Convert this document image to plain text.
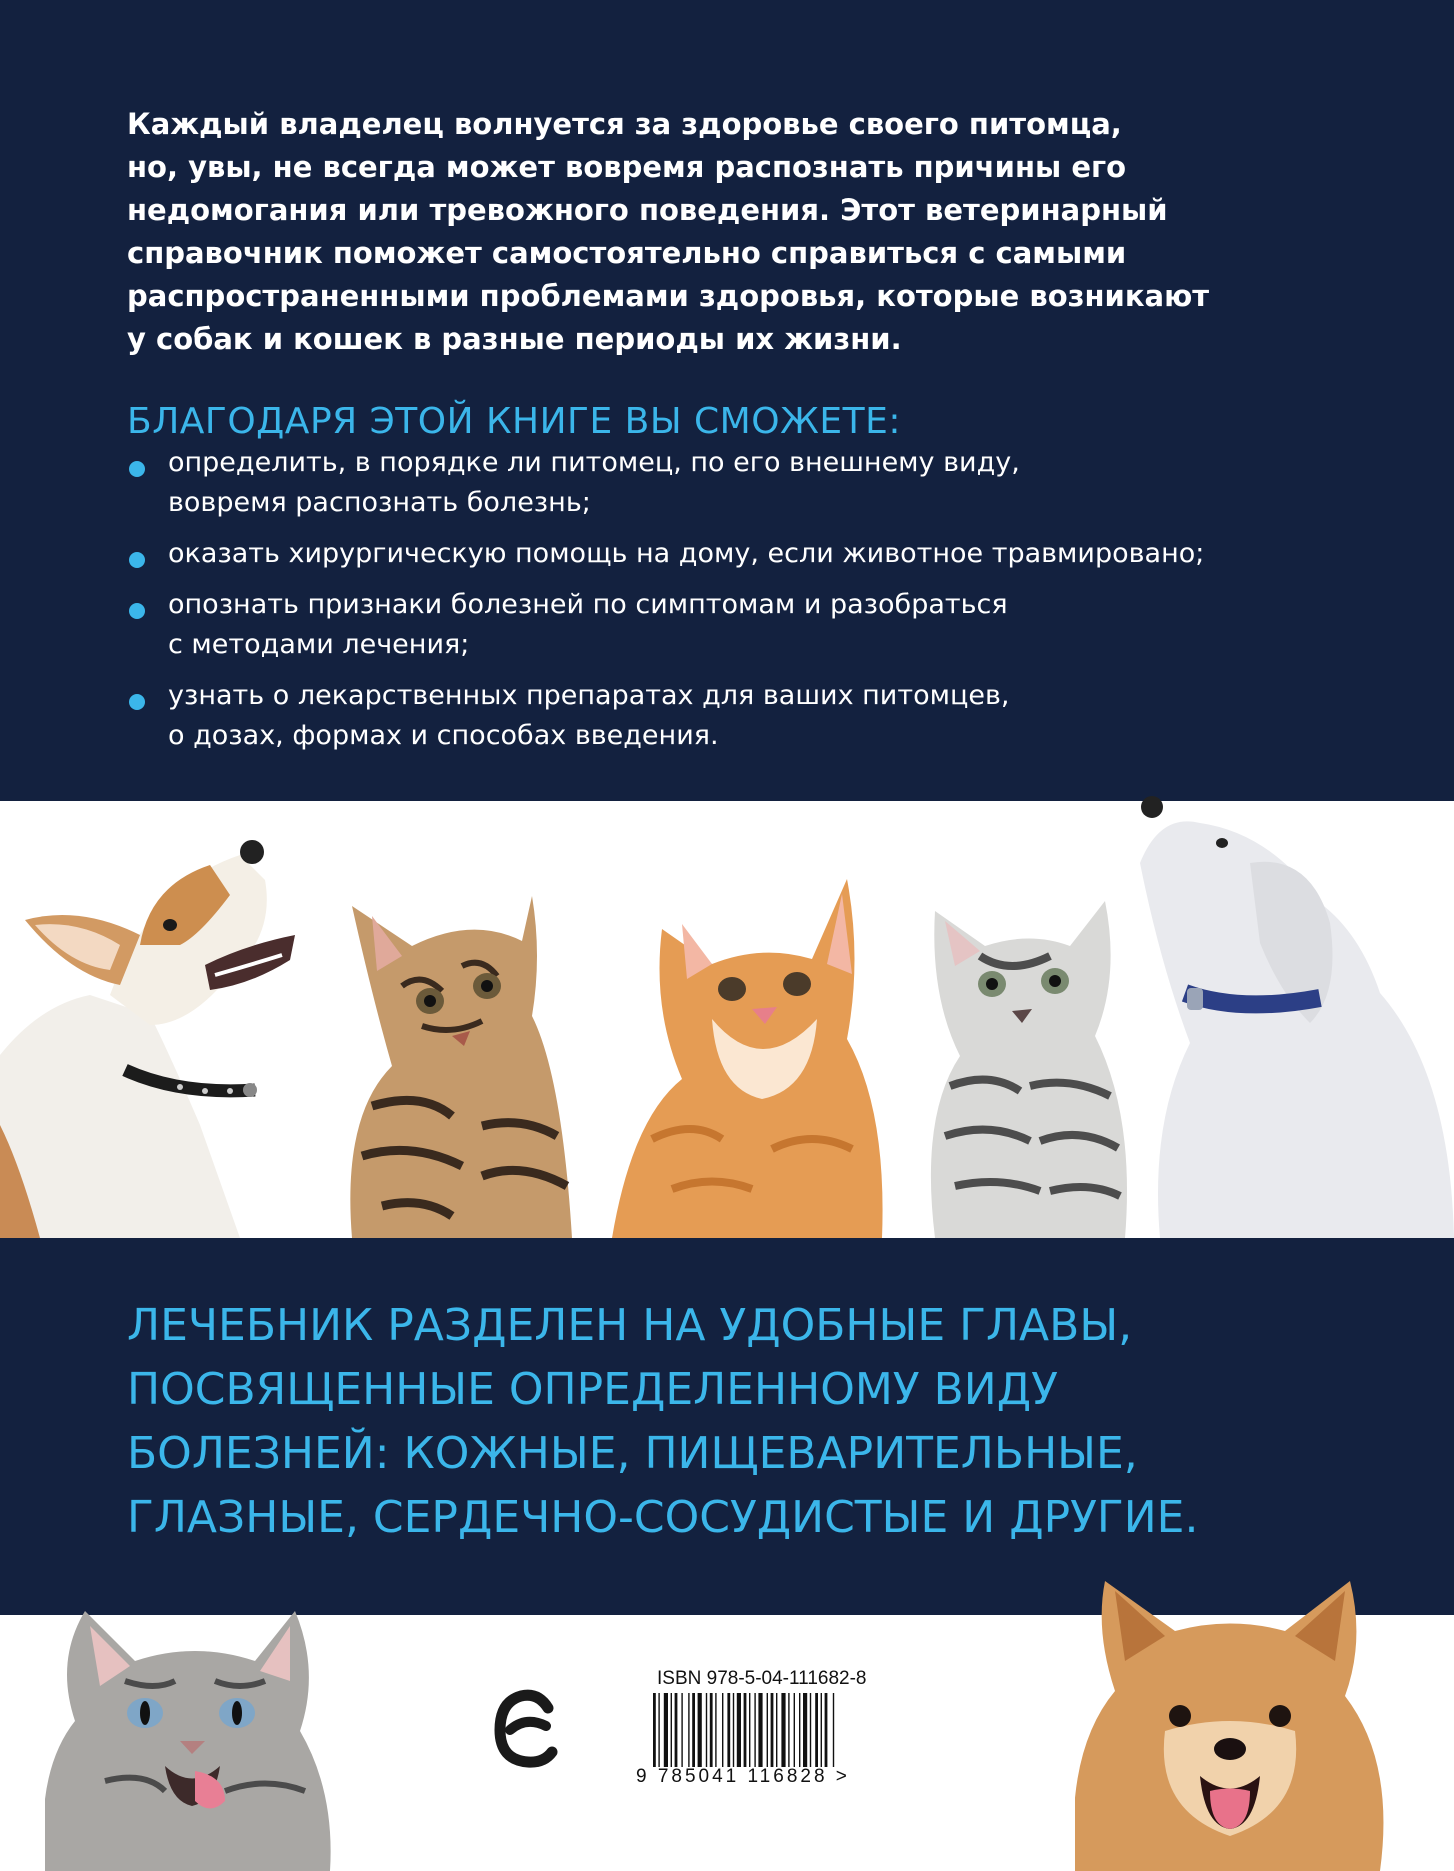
Каждый владелец волнуется за здоровье своего питомца,
но, увы, не всегда может вовремя распознать причины его
недомогания или тревожного поведения. Этот ветеринарный
справочник поможет самостоятельно справиться с самыми
распространенными проблемами здоровья, которые возникают
у собак и кошек в разные периоды их жизни.
БЛАГОДАРЯ ЭТОЙ КНИГЕ ВЫ СМОЖЕТЕ:
определить, в порядке ли питомец, по его внешнему виду,
вовремя распознать болезнь;
оказать хирургическую помощь на дому, если животное травмировано;
опознать признаки болезней по симптомам и разобраться
с методами лечения;
узнать о лекарственных препаратах для ваших питомцев,
о дозах, формах и способах введения.
ЛЕЧЕБНИК РАЗДЕЛЕН НА УДОБНЫЕ ГЛАВЫ,
ПОСВЯЩЕННЫЕ ОПРЕДЕЛЕННОМУ ВИДУ
БОЛЕЗНЕЙ: КОЖНЫЕ, ПИЩЕВАРИТЕЛЬНЫЕ,
ГЛАЗНЫЕ, СЕРДЕЧНО-СОСУДИСТЫЕ И ДРУГИЕ.
ISBN 978-5-04-111682-8
9 785041 116828 >
